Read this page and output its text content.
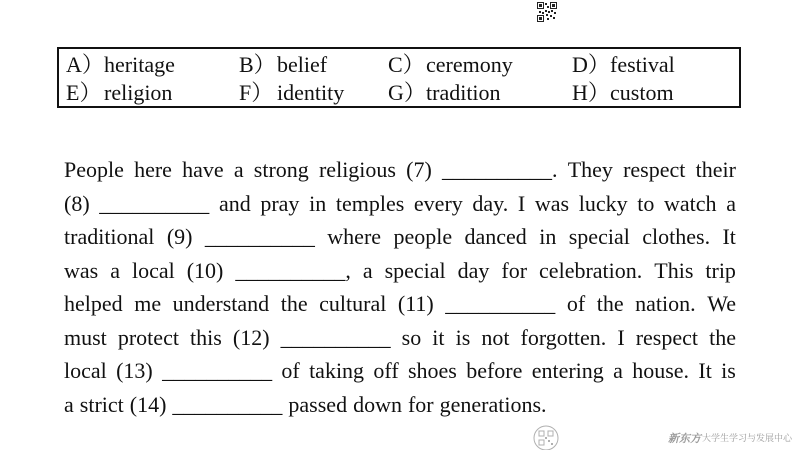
A）heritage	B）belief	C）ceremony	D）festival
E） religion	F） identity G）tradition	H）custom
People here have a strong religious (7) __________. They respect their
(8) __________ and pray in temples every day. I was lucky to watch a
traditional (9) __________ where people danced in special clothes. It
was a local (10) __________, a special day for celebration. This trip
helped me understand the cultural (11) __________ of the nation. We
must protect this (12) __________ so it is not forgotten. I respect the
local (13) __________ of taking off shoes before entering a house. It is
a strict (14) __________ passed down for generations.
新东方 大学生学习与发展中心
